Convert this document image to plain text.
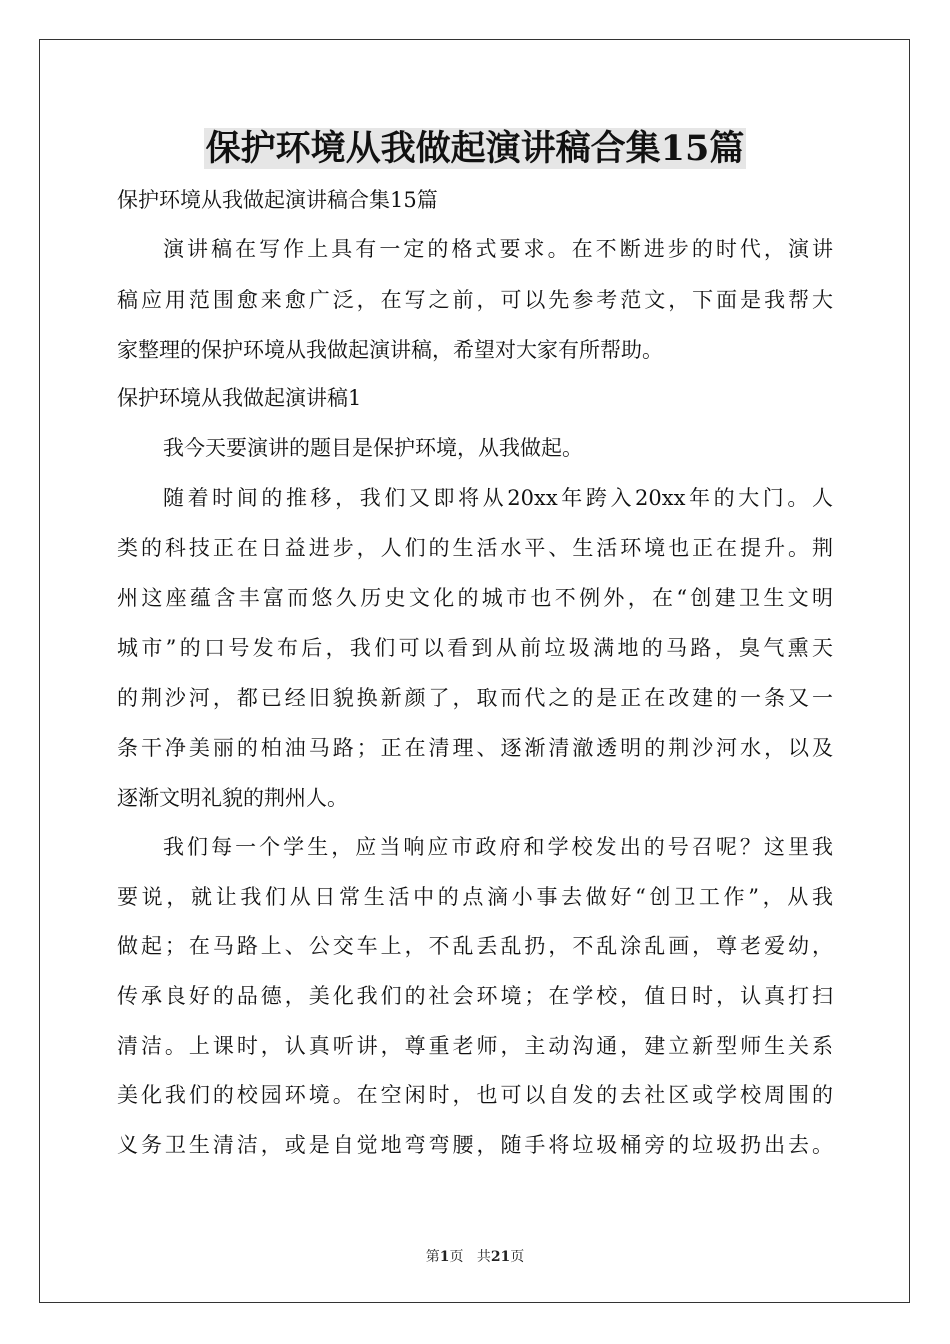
保护环境从我做起演讲稿合集15篇

保护环境从我做起演讲稿合集15篇

演讲稿在写作上具有一定的格式要求。在不断进步的时代，演讲

稿应用范围愈来愈广泛，在写之前，可以先参考范文，下面是我帮大

家整理的保护环境从我做起演讲稿，希望对大家有所帮助。

保护环境从我做起演讲稿1

我今天要演讲的题目是保护环境，从我做起。

随着时间的推移，我们又即将从20xx年跨入20xx年的大门。人

类的科技正在日益进步，人们的生活水平、生活环境也正在提升。荆

州这座蕴含丰富而悠久历史文化的城市也不例外，在“创建卫生文明

城市”的口号发布后，我们可以看到从前垃圾满地的马路，臭气熏天

的荆沙河，都已经旧貌换新颜了，取而代之的是正在改建的一条又一

条干净美丽的柏油马路；正在清理、逐渐清澈透明的荆沙河水，以及

逐渐文明礼貌的荆州人。

我们每一个学生，应当响应市政府和学校发出的号召呢？这里我

要说，就让我们从日常生活中的点滴小事去做好“创卫工作”，从我

做起；在马路上、公交车上，不乱丢乱扔，不乱涂乱画，尊老爱幼，

传承良好的品德，美化我们的社会环境；在学校，值日时，认真打扫

清洁。上课时，认真听讲，尊重老师，主动沟通，建立新型师生关系

美化我们的校园环境。在空闲时，也可以自发的去社区或学校周围的

义务卫生清洁，或是自觉地弯弯腰，随手将垃圾桶旁的垃圾扔出去。

第1页 共21页
